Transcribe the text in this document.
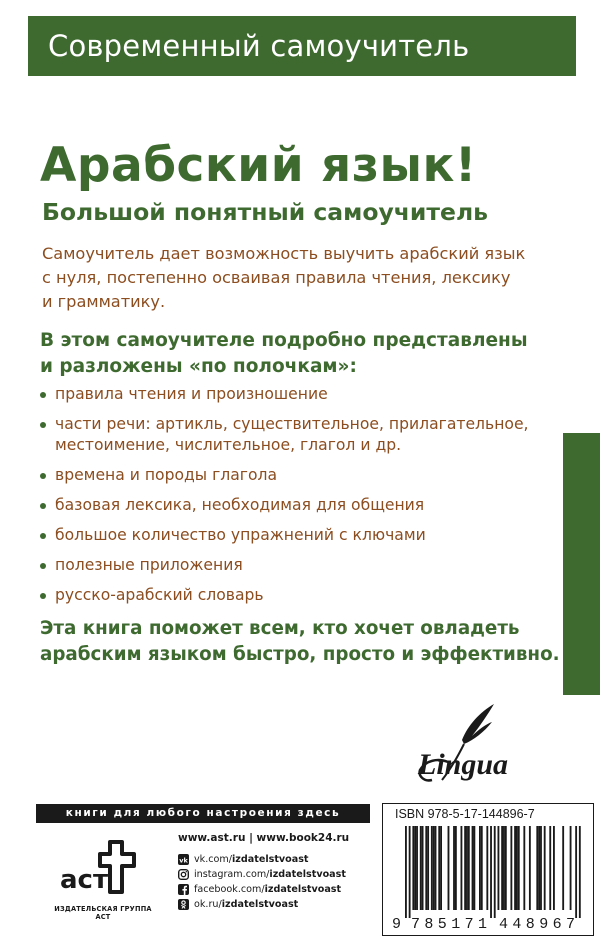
Современный самоучитель
Арабский язык!
Большой понятный самоучитель

Самоучитель дает возможность выучить арабский язык
с нуля, постепенно осваивая правила чтения, лексику
и грамматику.

В этом самоучителе подробно представлены
и разложены «по полочкам»:

правила чтения и произношение
части речи: артикль, существительное, прилагательное,
местоимение, числительное, глагол и др.
времена и породы глагола
базовая лексика, необходимая для общения
большое количество упражнений с ключами
полезные приложения
русско-арабский словарь

Эта книга поможет всем, кто хочет овладеть
арабским языком быстро, просто и эффективно.

Lingua
книги для любого настроения здесь
аст
ИЗДАТЕЛЬСКАЯ ГРУППА АСТ
www.ast.ru | www.book24.ru
vk vk.com/ izdatelstvoast
instagram.com/ izdatelstvoast
facebook.com/ izdatelstvoast
ok.ru/ izdatelstvoast
ISBN 978-5-17-144896-7
9 785171 448967
